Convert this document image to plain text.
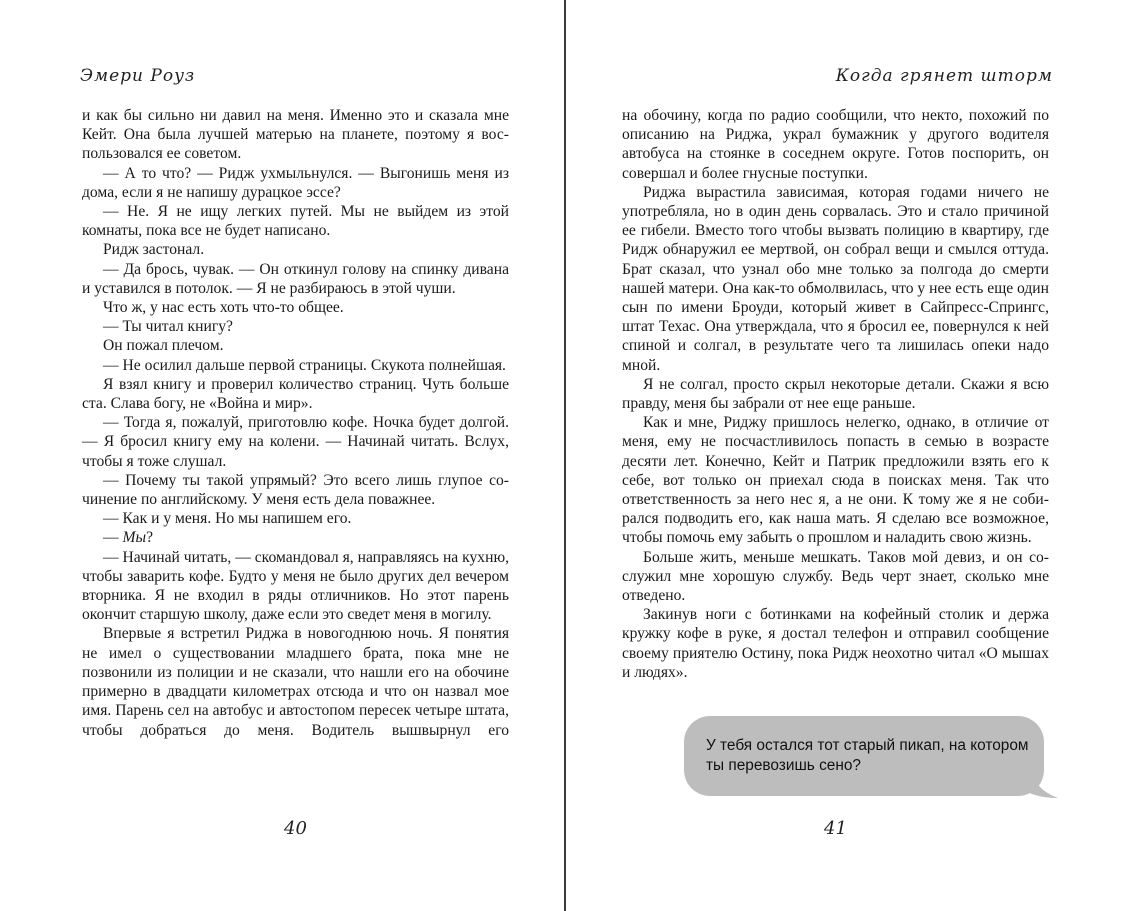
Эмери Роуз

и как бы сильно ни давил на меня. Именно это и сказала мне Кейт. Она была лучшей матерью на планете, поэтому я воспользовался ее советом.

— А то что? — Ридж ухмыльнулся. — Выгонишь меня из дома, если я не напишу дурацкое эссе?

— Не. Я не ищу легких путей. Мы не выйдем из этой комнаты, пока все не будет написано.

Ридж застонал.

— Да брось, чувак. — Он откинул голову на спинку дивана и уставился в потолок. — Я не разбираюсь в этой чуши.

Что ж, у нас есть хоть что-то общее.

— Ты читал книгу?

Он пожал плечом.

— Не осилил дальше первой страницы. Скукота полнейшая.

Я взял книгу и проверил количество страниц. Чуть больше ста. Слава богу, не «Война и мир».

— Тогда я, пожалуй, приготовлю кофе. Ночка будет долгой. — Я бросил книгу ему на колени. — Начинай читать. Вслух, чтобы я тоже слушал.

— Почему ты такой упрямый? Это всего лишь глупое сочинение по английскому. У меня есть дела поважнее.

— Как и у меня. Но мы напишем его.

— Мы?

— Начинай читать, — скомандовал я, направляясь на кухню, чтобы заварить кофе. Будто у меня не было других дел вечером вторника. Я не входил в ряды отличников. Но этот парень окончит старшую школу, даже если это сведет меня в могилу.

Впервые я встретил Риджа в новогоднюю ночь. Я понятия не имел о существовании младшего брата, пока мне не позвонили из полиции и не сказали, что нашли его на обочине примерно в двадцати километрах отсюда и что он назвал мое имя. Парень сел на автобус и автостопом пересек четыре штата, чтобы добраться до меня. Водитель вышвырнул его

40
Когда грянет шторм

на обочину, когда по радио сообщили, что некто, похожий по описанию на Риджа, украл бумажник у другого водителя автобуса на стоянке в соседнем округе. Готов поспорить, он совершал и более гнусные поступки.

Риджа вырастила зависимая, которая годами ничего не употребляла, но в один день сорвалась. Это и стало причиной ее гибели. Вместо того чтобы вызвать полицию в квартиру, где Ридж обнаружил ее мертвой, он собрал вещи и смылся оттуда. Брат сказал, что узнал обо мне только за полгода до смерти нашей матери. Она как-то обмолвилась, что у нее есть еще один сын по имени Броуди, который живет в Сайпресс-Спрингс, штат Техас. Она утверждала, что я бросил ее, повернулся к ней спиной и солгал, в результате чего та лишилась опеки надо мной.

Я не солгал, просто скрыл некоторые детали. Скажи я всю правду, меня бы забрали от нее еще раньше.

Как и мне, Риджу пришлось нелегко, однако, в отличие от меня, ему не посчастливилось попасть в семью в возрасте десяти лет. Конечно, Кейт и Патрик предложили взять его к себе, вот только он приехал сюда в поисках меня. Так что ответственность за него нес я, а не они. К тому же я не собирался подводить его, как наша мать. Я сделаю все возможное, чтобы помочь ему забыть о прошлом и наладить свою жизнь.

Больше жить, меньше мешкать. Таков мой девиз, и он сослужил мне хорошую службу. Ведь черт знает, сколько мне отведено.

Закинув ноги с ботинками на кофейный столик и держа кружку кофе в руке, я достал телефон и отправил сообщение своему приятелю Остину, пока Ридж неохотно читал «О мышах и людях».

У тебя остался тот старый пикап, на котором ты перевозишь сено?
41
